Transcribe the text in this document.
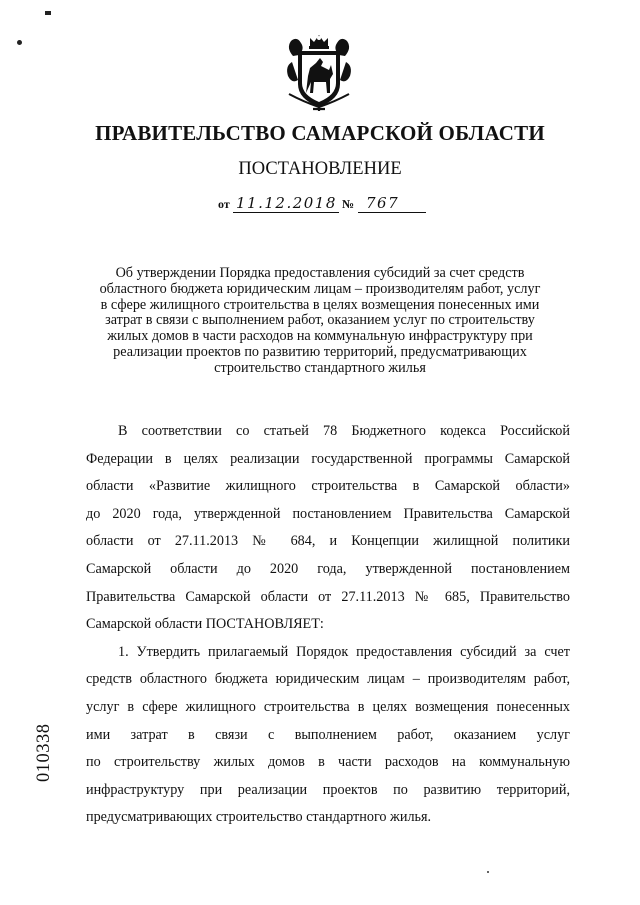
ПРАВИТЕЛЬСТВО САМАРСКОЙ ОБЛАСТИ
ПОСТАНОВЛЕНИЕ
от 11.12.2018 № 767
Об утверждении Порядка предоставления субсидий за счет средств
областного бюджета юридическим лицам – производителям работ, услуг
в сфере жилищного строительства в целях возмещения понесенных ими
затрат в связи с выполнением работ, оказанием услуг по строительству
жилых домов в части расходов на коммунальную инфраструктуру при
реализации проектов по развитию территорий, предусматривающих
строительство стандартного жилья
В соответствии со статьей 78 Бюджетного кодекса Российской
Федерации в целях реализации государственной программы Самарской
области «Развитие жилищного строительства в Самарской области»
до 2020 года, утвержденной постановлением Правительства Самарской
области от 27.11.2013 № 684, и Концепции жилищной политики
Самарской области до 2020 года, утвержденной постановлением
Правительства Самарской области от 27.11.2013 № 685, Правительство
Самарской области ПОСТАНОВЛЯЕТ:
1. Утвердить прилагаемый Порядок предоставления субсидий за счет
средств областного бюджета юридическим лицам – производителям работ,
услуг в сфере жилищного строительства в целях возмещения понесенных
ими затрат в связи с выполнением работ, оказанием услуг
по строительству жилых домов в части расходов на коммунальную
инфраструктуру при реализации проектов по развитию территорий,
предусматривающих строительство стандартного жилья.
010338
